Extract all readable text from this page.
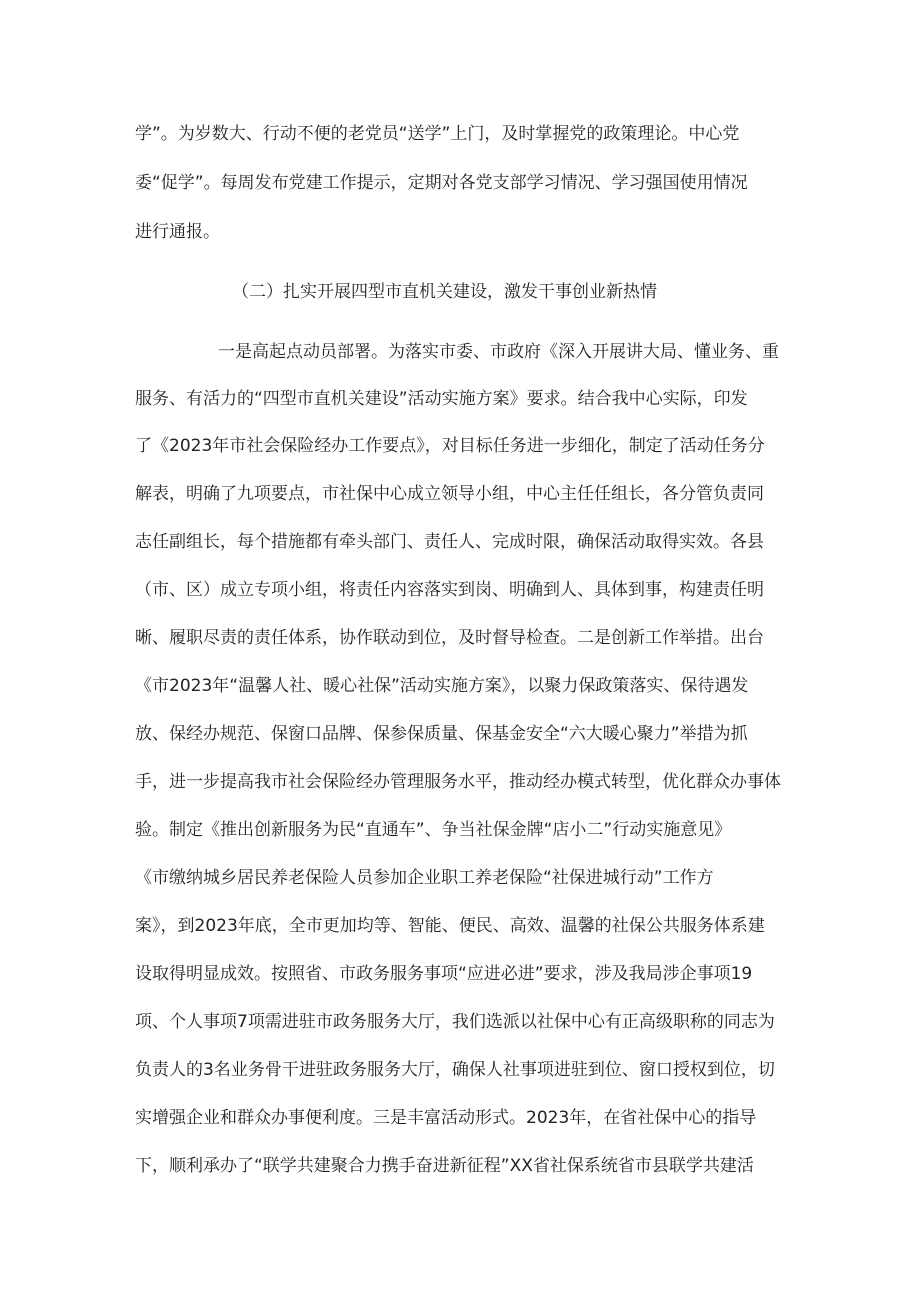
学”。为岁数大、行动不便的老党员“送学”上门，及时掌握党的政策理论。中心党
委“促学”。每周发布党建工作提示，定期对各党支部学习情况、学习强国使用情况
进行通报。
（二）扎实开展四型市直机关建设，激发干事创业新热情
一是高起点动员部署。为落实市委、市政府《深入开展讲大局、懂业务、重
服务、有活力的“四型市直机关建设”活动实施方案》要求。结合我中心实际，印发
了《2023年市社会保险经办工作要点》，对目标任务进一步细化，制定了活动任务分
解表，明确了九项要点，市社保中心成立领导小组，中心主任任组长，各分管负责同
志任副组长，每个措施都有牵头部门、责任人、完成时限，确保活动取得实效。各县
（市、区）成立专项小组，将责任内容落实到岗、明确到人、具体到事，构建责任明
晰、履职尽责的责任体系，协作联动到位，及时督导检查。二是创新工作举措。出台
《市2023年“温馨人社、暖心社保”活动实施方案》，以聚力保政策落实、保待遇发
放、保经办规范、保窗口品牌、保参保质量、保基金安全“六大暖心聚力”举措为抓
手，进一步提高我市社会保险经办管理服务水平，推动经办模式转型，优化群众办事体
验。制定《推出创新服务为民“直通车”、争当社保金牌“店小二”行动实施意见》
《市缴纳城乡居民养老保险人员参加企业职工养老保险“社保进城行动”工作方
案》，到2023年底，全市更加均等、智能、便民、高效、温馨的社保公共服务体系建
设取得明显成效。按照省、市政务服务事项“应进必进”要求，涉及我局涉企事项19
项、个人事项7项需进驻市政务服务大厅，我们选派以社保中心有正高级职称的同志为
负责人的3名业务骨干进驻政务服务大厅，确保人社事项进驻到位、窗口授权到位，切
实增强企业和群众办事便利度。三是丰富活动形式。2023年，在省社保中心的指导
下，顺利承办了“联学共建聚合力携手奋进新征程”XX省社保系统省市县联学共建活
